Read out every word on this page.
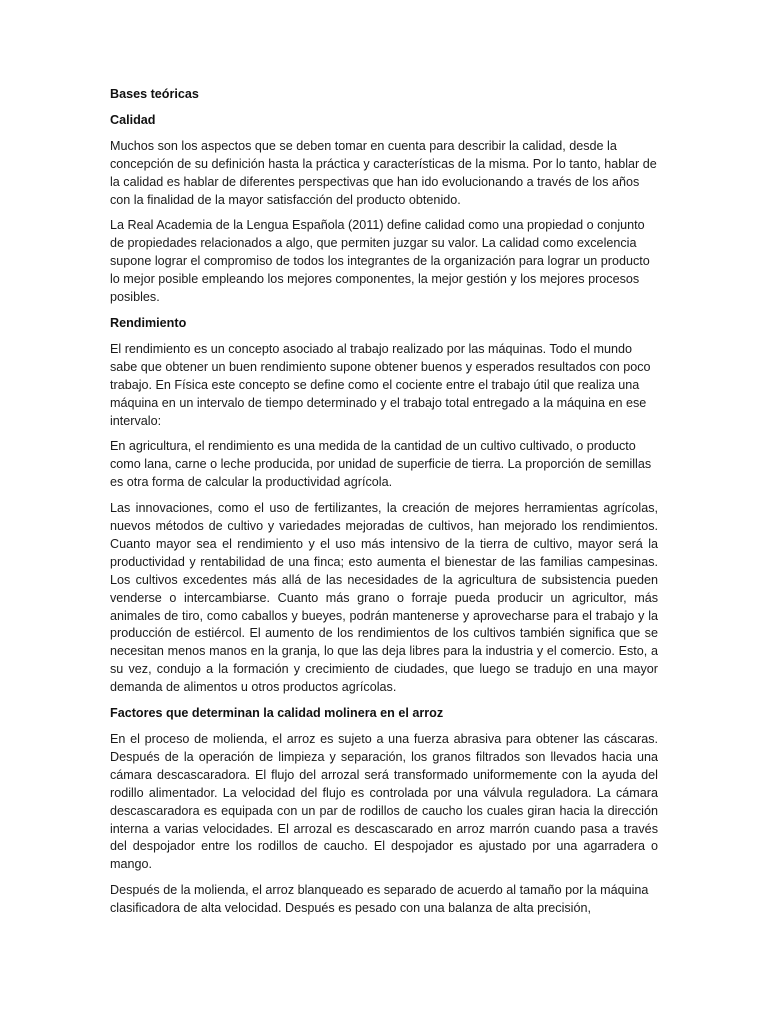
Bases teóricas
Calidad

Muchos son los aspectos que se deben tomar en cuenta para describir la calidad, desde la concepción de su definición hasta la práctica y características de la misma. Por lo tanto, hablar de la calidad es hablar de diferentes perspectivas que han ido evolucionando a través de los años con la finalidad de la mayor satisfacción del producto obtenido.

La Real Academia de la Lengua Española (2011) define calidad como una propiedad o conjunto de propiedades relacionados a algo, que permiten juzgar su valor. La calidad como excelencia supone lograr el compromiso de todos los integrantes de la organización para lograr un producto lo mejor posible empleando los mejores componentes, la mejor gestión y los mejores procesos posibles.

Rendimiento

El rendimiento es un concepto asociado al trabajo realizado por las máquinas. Todo el mundo sabe que obtener un buen rendimiento supone obtener buenos y esperados resultados con poco trabajo. En Física este concepto se define como el cociente entre el trabajo útil que realiza una máquina en un intervalo de tiempo determinado y el trabajo total entregado a la máquina en ese intervalo:

En agricultura, el rendimiento es una medida de la cantidad de un cultivo cultivado, o producto como lana, carne o leche producida, por unidad de superficie de tierra. La proporción de semillas es otra forma de calcular la productividad agrícola.

Las innovaciones, como el uso de fertilizantes, la creación de mejores herramientas agrícolas, nuevos métodos de cultivo y variedades mejoradas de cultivos, han mejorado los rendimientos. Cuanto mayor sea el rendimiento y el uso más intensivo de la tierra de cultivo, mayor será la productividad y rentabilidad de una finca; esto aumenta el bienestar de las familias campesinas. Los cultivos excedentes más allá de las necesidades de la agricultura de subsistencia pueden venderse o intercambiarse. Cuanto más grano o forraje pueda producir un agricultor, más animales de tiro, como caballos y bueyes, podrán mantenerse y aprovecharse para el trabajo y la producción de estiércol. El aumento de los rendimientos de los cultivos también significa que se necesitan menos manos en la granja, lo que las deja libres para la industria y el comercio. Esto, a su vez, condujo a la formación y crecimiento de ciudades, que luego se tradujo en una mayor demanda de alimentos u otros productos agrícolas.

Factores que determinan la calidad molinera en el arroz

En el proceso de molienda, el arroz es sujeto a una fuerza abrasiva para obtener las cáscaras. Después de la operación de limpieza y separación, los granos filtrados son llevados hacia una cámara descascaradora. El flujo del arrozal será transformado uniformemente con la ayuda del rodillo alimentador. La velocidad del flujo es controlada por una válvula reguladora. La cámara descascaradora es equipada con un par de rodillos de caucho los cuales giran hacia la dirección interna a varias velocidades. El arrozal es descascarado en arroz marrón cuando pasa a través del despojador entre los rodillos de caucho. El despojador es ajustado por una agarradera o mango.

Después de la molienda, el arroz blanqueado es separado de acuerdo al tamaño por la máquina clasificadora de alta velocidad. Después es pesado con una balanza de alta precisión,
